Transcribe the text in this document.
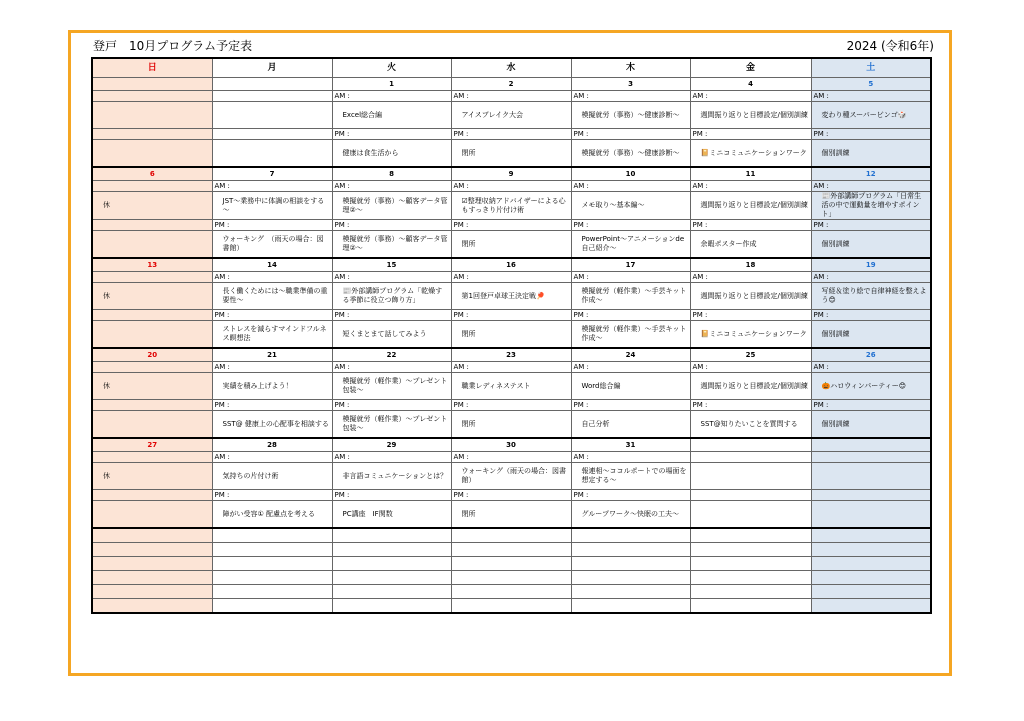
登戸　10月プログラム予定表	2024 (令和6年)
日	月	火	水	木	金	土
		1	2	3	4	5
		AM :	AM :	AM :	AM :	AM :
		Excel総合編	アイスブレイク大会	模擬就労（事務）～健康診断～	週間振り返りと目標設定/個別訓練	変わり種スーパービンゴ🎲
		PM :	PM :	PM :	PM :	PM :
		健康は食生活から	閉所	模擬就労（事務）～健康診断～	📔ミニコミュニケーションワーク	個別訓練
6	7	8	9	10	11	12
	AM :	AM :	AM :	AM :	AM :	AM :
休	JST～業務中に体調の相談をする～	模擬就労（事務）～顧客データ管理②～	☑整理収納アドバイザーによる心もすっきり片付け術	メモ取り～基本編～	週間振り返りと目標設定/個別訓練	📰外部講師プログラム「日常生活の中で運動量を増やすポイント」
	PM :	PM :	PM :	PM :	PM :	PM :
	ウォーキング　（雨天の場合：図書館）	模擬就労（事務）～顧客データ管理②～	閉所	PowerPoint～アニメーションde自己紹介～	余暇ポスター作成	個別訓練
13	14	15	16	17	18	19
	AM :	AM :	AM :	AM :	AM :	AM :
休	長く働くためには～職業準備の重要性～	📰外部講師プログラム「乾燥する季節に役立つ飾り方」	第1回登戸卓球王決定戦🏓	模擬就労（軽作業）～手芸キット作成～	週間振り返りと目標設定/個別訓練	写経＆塗り絵で自律神経を整えよう😊
	PM :	PM :	PM :	PM :	PM :	PM :
	ストレスを減らすマインドフルネス瞑想法	短くまとまて話してみよう	閉所	模擬就労（軽作業）～手芸キット作成～	📔ミニコミュニケーションワーク	個別訓練
20	21	22	23	24	25	26
	AM :	AM :	AM :	AM :	AM :	AM :
休	実績を積み上げよう！	模擬就労（軽作業）～プレゼント包装～	職業レディネステスト	Word総合編	週間振り返りと目標設定/個別訓練	🎃ハロウィンパーティー😊
	PM :	PM :	PM :	PM :	PM :	PM :
	SST@ 健康上の心配事を相談する	模擬就労（軽作業）～プレゼント包装～	閉所	自己分析	SST@知りたいことを質問する	個別訓練
27	28	29	30	31		
	AM :	AM :	AM :	AM :		
休	気持ちの片付け術	非言語コミュニケーションとは？	ウォーキング（雨天の場合：図書館）	報連相～ココルポートでの場面を想定する～		
	PM :	PM :	PM :	PM :		
	障がい受容① 配慮点を考える	PC講座　IF関数	閉所	グループワーク～快眠の工夫～		
